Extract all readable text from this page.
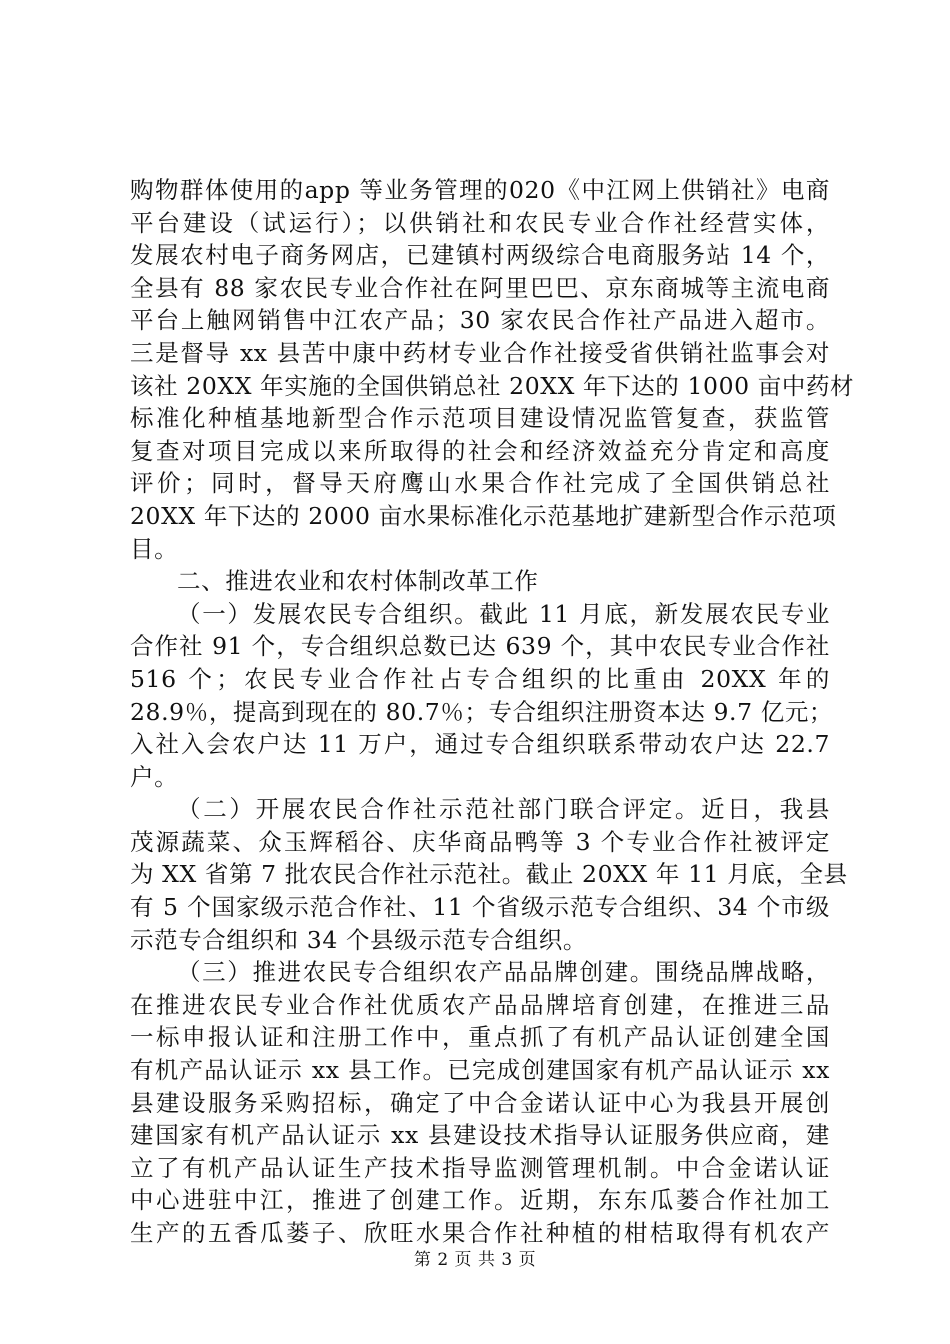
购物群体使用的app 等业务管理的020《中江网上供销社》电商
平台建设（试运行）；以供销社和农民专业合作社经营实体，
发展农村电子商务网店，已建镇村两级综合电商服务站 14 个，
全县有 88 家农民专业合作社在阿里巴巴、京东商城等主流电商
平台上触网销售中江农产品；30 家农民合作社产品进入超市。
三是督导 xx 县苦中康中药材专业合作社接受省供销社监事会对
该社 20XX 年实施的全国供销总社 20XX 年下达的 1000 亩中药材
标准化种植基地新型合作示范项目建设情况监管复查，获监管
复查对项目完成以来所取得的社会和经济效益充分肯定和高度
评价；同时，督导天府鹰山水果合作社完成了全国供销总社
20XX 年下达的 2000 亩水果标准化示范基地扩建新型合作示范项
目。
二、推进农业和农村体制改革工作
（一）发展农民专合组织。截此 11 月底，新发展农民专业
合作社 91 个，专合组织总数已达 639 个，其中农民专业合作社
516 个；农民专业合作社占专合组织的比重由 20XX 年的
28.9％，提高到现在的 80.7％；专合组织注册资本达 9.7 亿元；
入社入会农户达 11 万户，通过专合组织联系带动农户达 22.7
户。
（二）开展农民合作社示范社部门联合评定。近日，我县
茂源蔬菜、众玉辉稻谷、庆华商品鸭等 3 个专业合作社被评定
为 XX 省第 7 批农民合作社示范社。截止 20XX 年 11 月底，全县
有 5 个国家级示范合作社、11 个省级示范专合组织、34 个市级
示范专合组织和 34 个县级示范专合组织。
（三）推进农民专合组织农产品品牌创建。围绕品牌战略，
在推进农民专业合作社优质农产品品牌培育创建，在推进三品
一标申报认证和注册工作中，重点抓了有机产品认证创建全国
有机产品认证示 xx 县工作。已完成创建国家有机产品认证示 xx
县建设服务采购招标，确定了中合金诺认证中心为我县开展创
建国家有机产品认证示 xx 县建设技术指导认证服务供应商，建
立了有机产品认证生产技术指导监测管理机制。中合金诺认证
中心进驻中江，推进了创建工作。近期，东东瓜蒌合作社加工
生产的五香瓜蒌子、欣旺水果合作社种植的柑桔取得有机农产
第 2 页 共 3 页
